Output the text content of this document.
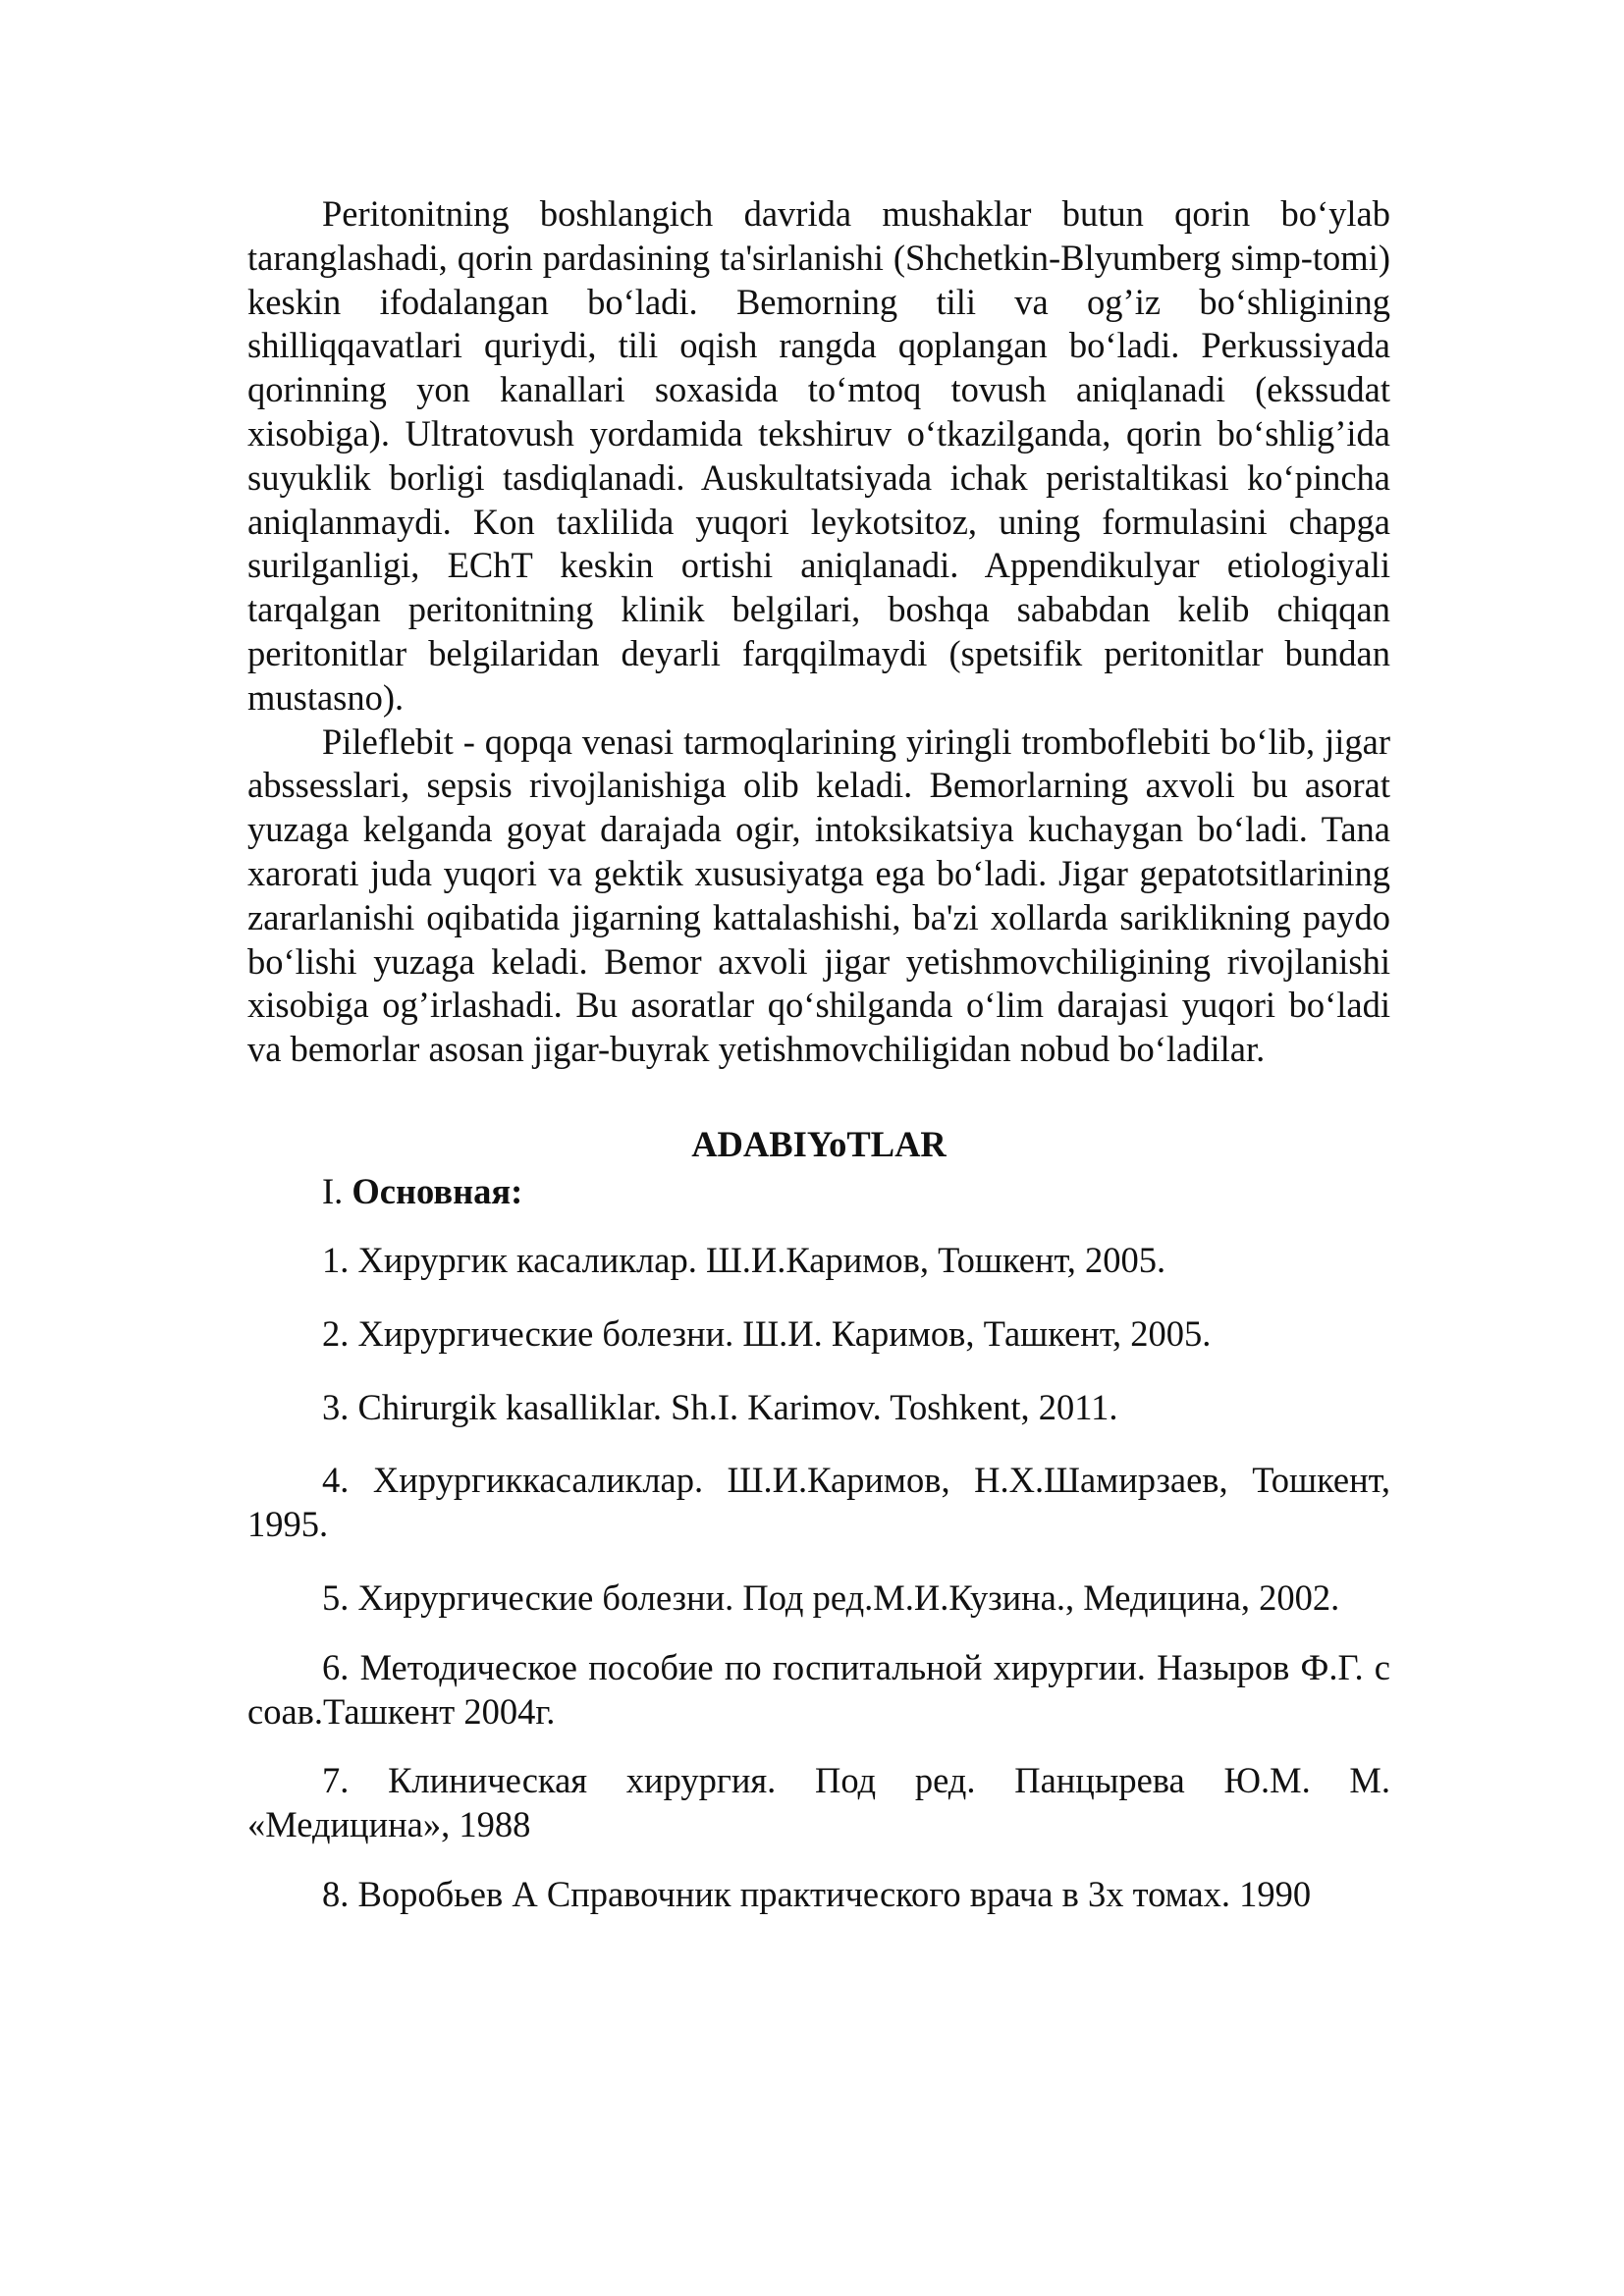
Peritonitning boshlangich davrida mushaklar butun qorin bo‘ylab taranglashadi, qorin pardasining ta'sirlanishi (Shchetkin-Blyumberg simp-tomi) keskin ifodalangan bo‘ladi. Bemorning tili va og’iz bo‘shligining shilliqqavatlari quriydi, tili oqish rangda qoplangan bo‘ladi. Perkussiyada qorinning yon kanallari soxasida to‘mtoq tovush aniqlanadi (ekssudat xisobiga). Ultratovush yordamida tekshiruv o‘tkazilganda, qorin bo‘shlig’ida suyuklik borligi tasdiqlanadi. Auskultatsiyada ichak peristaltikasi ko‘pincha aniqlanmaydi. Kon taxlilida yuqori leykotsitoz, uning formulasini chapga surilganligi, EChT keskin ortishi aniqlanadi. Appendikulyar etiologiyali tarqalgan peritonitning klinik belgilari, boshqa sababdan kelib chiqqan peritonitlar belgilaridan deyarli farqqilmaydi (spetsifik peritonitlar bundan mustasno).

Pileflebit - qopqa venasi tarmoqlarining yiringli tromboflebiti bo‘lib, jigar abssesslari, sepsis rivojlanishiga olib keladi. Bemorlarning axvoli bu asorat yuzaga kelganda goyat darajada ogir, intoksikatsiya kuchaygan bo‘ladi. Tana xarorati juda yuqori va gektik xususiyatga ega bo‘ladi. Jigar gepatotsitlarining zararlanishi oqibatida jigarning kattalashishi, ba'zi xollarda sariklikning paydo bo‘lishi yuzaga keladi. Bemor axvoli jigar yetishmovchiligining rivojlanishi xisobiga og’irlashadi. Bu asoratlar qo‘shilganda o‘lim darajasi yuqori bo‘ladi va bemorlar asosan jigar-buyrak yetishmovchiligidan nobud bo‘ladilar.

ADABIYoTLAR
I. Основная:

1. Хирургик касаликлар. Ш.И.Каримов, Тошкент, 2005.

2. Хирургические болезни. Ш.И. Каримов, Ташкент, 2005.

3. Chirurgik kasalliklar. Sh.I. Karimov. Toshkent, 2011.

4. Хирургиккасаликлар. Ш.И.Каримов, Н.Х.Шамирзаев, Тошкент, 1995.

5. Хирургические болезни. Под ред.М.И.Кузина., Медицина, 2002.

6. Методическое пособие по госпитальной хирургии. Назыров Ф.Г. с соав.Ташкент 2004г.

7. Клиническая хирургия. Под ред. Панцырева Ю.М. М. «Медицина», 1988

8. Воробьев А Справочник практического врача в 3х томах. 1990
